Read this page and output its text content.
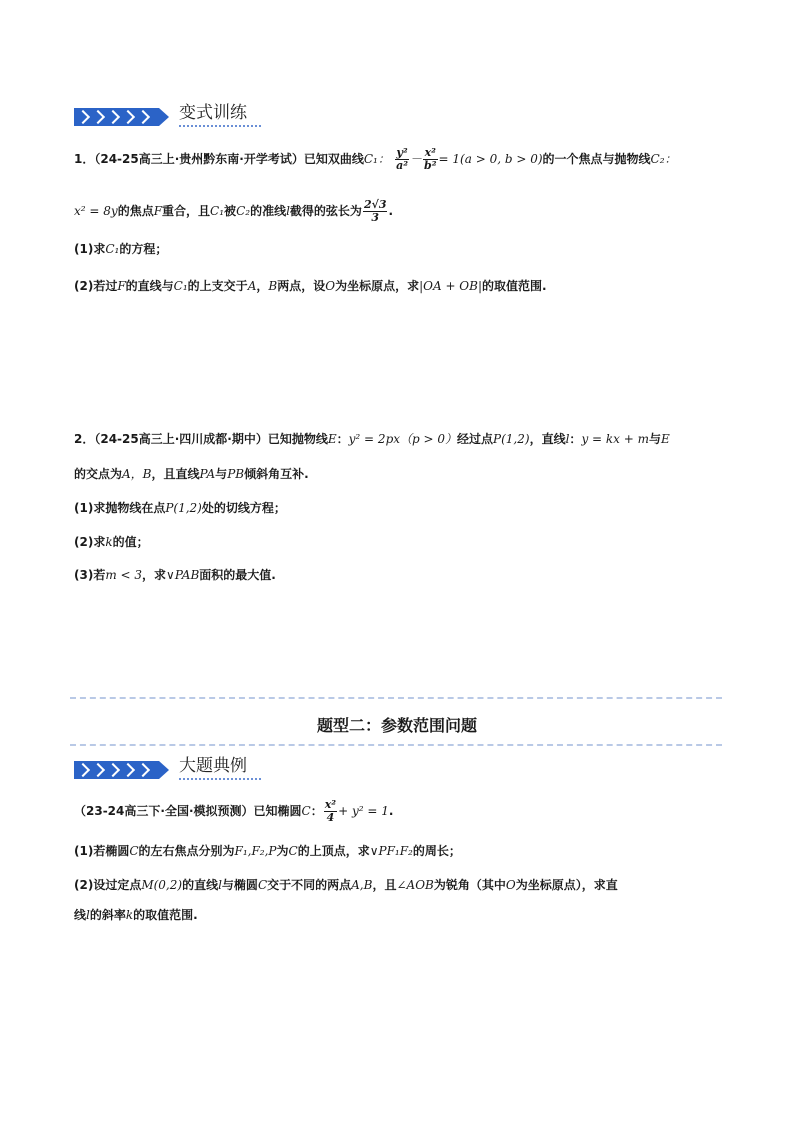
变式训练
1．（24-25高三上·贵州黔东南·开学考试）已知双曲线C₁： $\frac{\text{y²}}{\text{a²}} - \frac{\text{x²}}{\text{b²}} = 1(a > 0$, b > 0)的一个焦点与抛物线C₂：
x² = 8y的焦点F重合，且C₁被C₂的准线l截得的弦长为 $\frac{2√3}{3}$ .
(1)求C₁的方程；
(2)若过F的直线与C₁的上支交于A，B两点，设O为坐标原点，求|OA + OB|的取值范围.
2．（24-25高三上·四川成都·期中）已知抛物线E：y² = 2px（p > 0）经过点P(1,2)，直线l：y = kx + m与E
的交点为A，B，且直线PA与PB倾斜角互补.
(1)求抛物线在点P(1,2)处的切线方程；
(2)求k的值；
(3)若m < 3，求∨PAB面积的最大值.
题型二：参数范围问题
大题典例
（23-24高三下·全国·模拟预测）已知椭圆C： $\frac{\text{x²}}{4} + y^2 = 1$.
(1)若椭圆C的左右焦点分别为F₁,F₂,P为C的上顶点，求∨PF₁F₂的周长；
(2)设过定点M(0,2)的直线l与椭圆C交于不同的两点A,B，且∠AOB为锐角（其中O为坐标原点），求直
线l的斜率k的取值范围.
